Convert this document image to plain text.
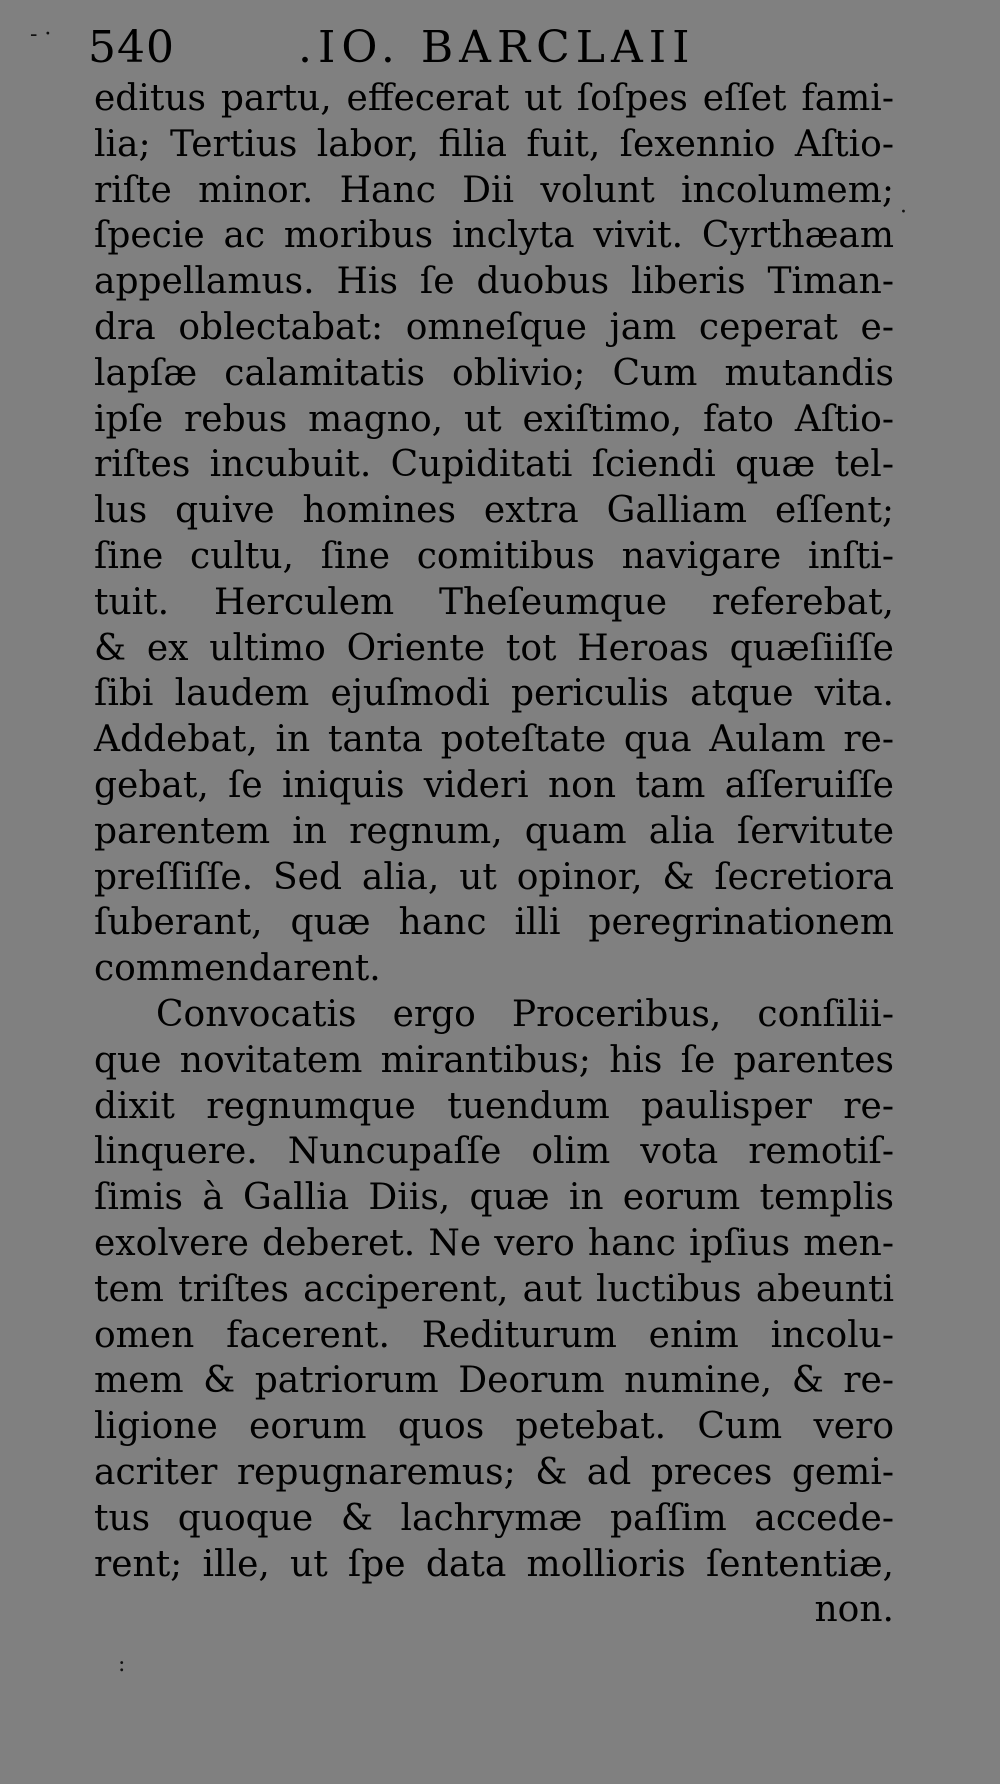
540	.IO. BARCLAII
editus partu, effecerat ut ſoſpes eſſet fami-
lia; Tertius labor, filia fuit, ſexennio Aſtio-
riſte minor. Hanc Dii volunt incolumem;
ſpecie ac moribus inclyta vivit. Cyrthæam
appellamus. His ſe duobus liberis Timan-
dra oblectabat: omneſque jam ceperat e-
lapſæ calamitatis oblivio; Cum mutandis
ipſe rebus magno, ut exiſtimo, fato Aſtio-
riſtes incubuit. Cupiditati ſciendi quæ tel-
lus quive homines extra Galliam eſſent;
ſine cultu, ſine comitibus navigare inſti-
tuit. Herculem Theſeumque referebat,
& ex ultimo Oriente tot Heroas quæſiiſſe
ſibi laudem ejuſmodi periculis atque vita.
Addebat, in tanta poteſtate qua Aulam re-
gebat, ſe iniquis videri non tam aſſeruiſſe
parentem in regnum, quam alia ſervitute
preſſiſſe. Sed alia, ut opinor, & ſecretiora
ſuberant, quæ hanc illi peregrinationem
commendarent.
Convocatis ergo Proceribus, conſilii-
que novitatem mirantibus; his ſe parentes
dixit regnumque tuendum paulisper re-
linquere. Nuncupaſſe olim vota remotiſ-
ſimis à Gallia Diis, quæ in eorum templis
exolvere deberet. Ne vero hanc ipſius men-
tem triſtes acciperent, aut luctibus abeunti
omen facerent. Rediturum enim incolu-
mem & patriorum Deorum numine, & re-
ligione eorum quos petebat. Cum vero
acriter repugnaremus; & ad preces gemi-
tus quoque & lachrymæ paſſim accede-
rent; ille, ut ſpe data mollioris ſententiæ,
non.
- ·
:
·
